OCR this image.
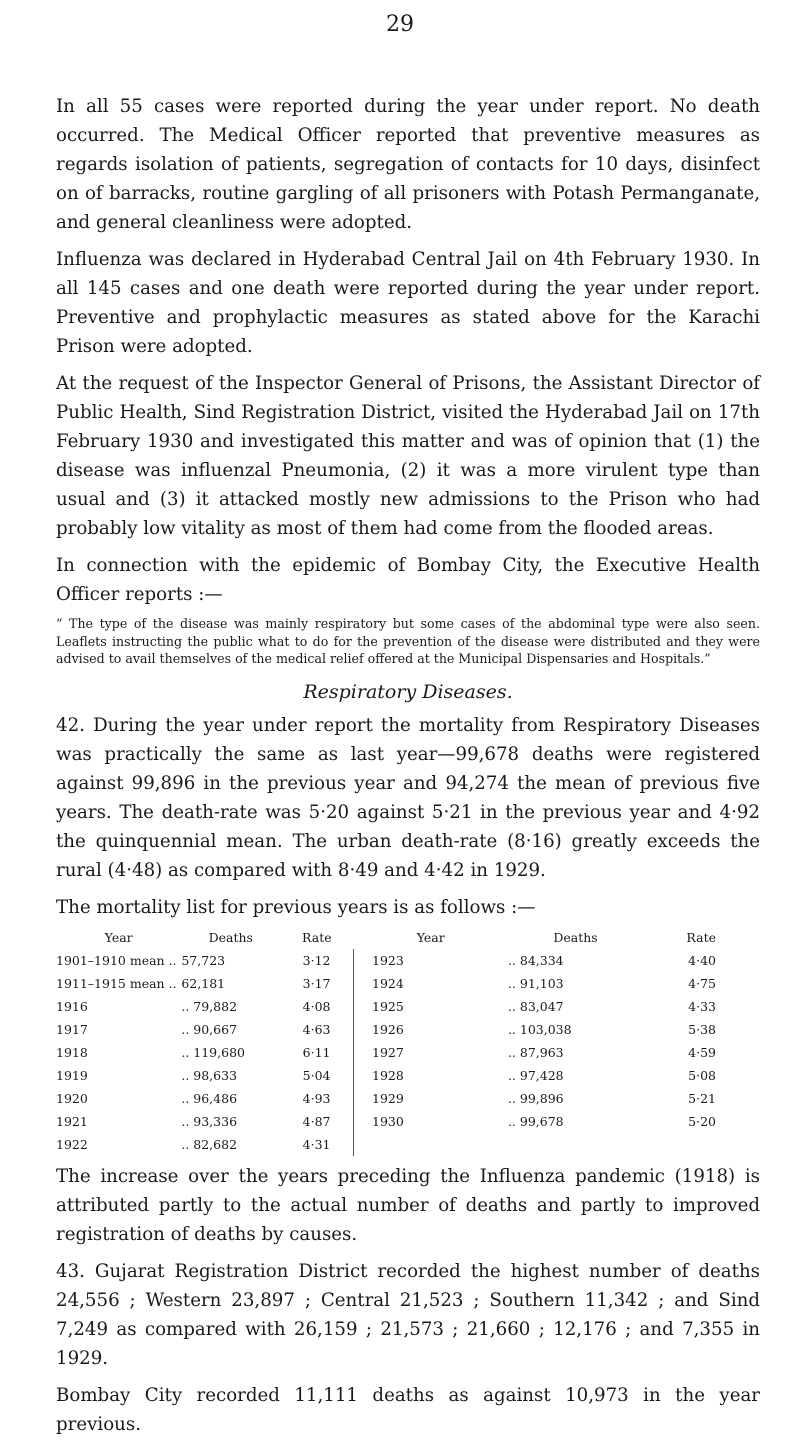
29

In all 55 cases were reported during the year under report. No death occurred. The Medical Officer reported that preventive measures as regards isolation of patients, segregation of contacts for 10 days, disinfect on of barracks, routine gargling of all prisoners with Potash Permanganate, and general cleanliness were adopted.

Influenza was declared in Hyderabad Central Jail on 4th February 1930. In all 145 cases and one death were reported during the year under report. Preventive and prophylactic measures as stated above for the Karachi Prison were adopted.

At the request of the Inspector General of Prisons, the Assistant Director of Public Health, Sind Registration District, visited the Hyderabad Jail on 17th February 1930 and investigated this matter and was of opinion that (1) the disease was influenzal Pneumonia, (2) it was a more virulent type than usual and (3) it attacked mostly new admissions to the Prison who had probably low vitality as most of them had come from the flooded areas.

In connection with the epidemic of Bombay City, the Executive Health Officer reports :—

“ The type of the disease was mainly respiratory but some cases of the abdominal type were also seen. Leaflets instructing the public what to do for the prevention of the disease were distributed and they were advised to avail themselves of the medical relief offered at the Municipal Dispensaries and Hospitals.”
Respiratory Diseases.

42. During the year under report the mortality from Respiratory Diseases was practically the same as last year—99,678 deaths were registered against 99,896 in the previous year and 94,274 the mean of previous five years. The death-rate was 5·20 against 5·21 in the previous year and 4·92 the quinquennial mean. The urban death-rate (8·16) greatly exceeds the rural (4·48) as compared with 8·49 and 4·42 in 1929.

The mortality list for previous years is as follows :—

Year	Deaths	Rate	Year	Deaths	Rate
1901–1910 mean ..	57,723	3·12	1923	.. 84,334	4·40
1911–1915 mean ..	62,181	3·17	1924	.. 91,103	4·75
1916	.. 79,882	4·08	1925	.. 83,047	4·33
1917	.. 90,667	4·63	1926	.. 103,038	5·38
1918	.. 119,680	6·11	1927	.. 87,963	4·59
1919	.. 98,633	5·04	1928	.. 97,428	5·08
1920	.. 96,486	4·93	1929	.. 99,896	5·21
1921	.. 93,336	4·87	1930	.. 99,678	5·20
1922	.. 82,682	4·31			

The increase over the years preceding the Influenza pandemic (1918) is attributed partly to the actual number of deaths and partly to improved registration of deaths by causes.

43. Gujarat Registration District recorded the highest number of deaths 24,556 ; Western 23,897 ; Central 21,523 ; Southern 11,342 ; and Sind 7,249 as compared with 26,159 ; 21,573 ; 21,660 ; 12,176 ; and 7,355 in 1929.

Bombay City recorded 11,111 deaths as against 10,973 in the year previous.
